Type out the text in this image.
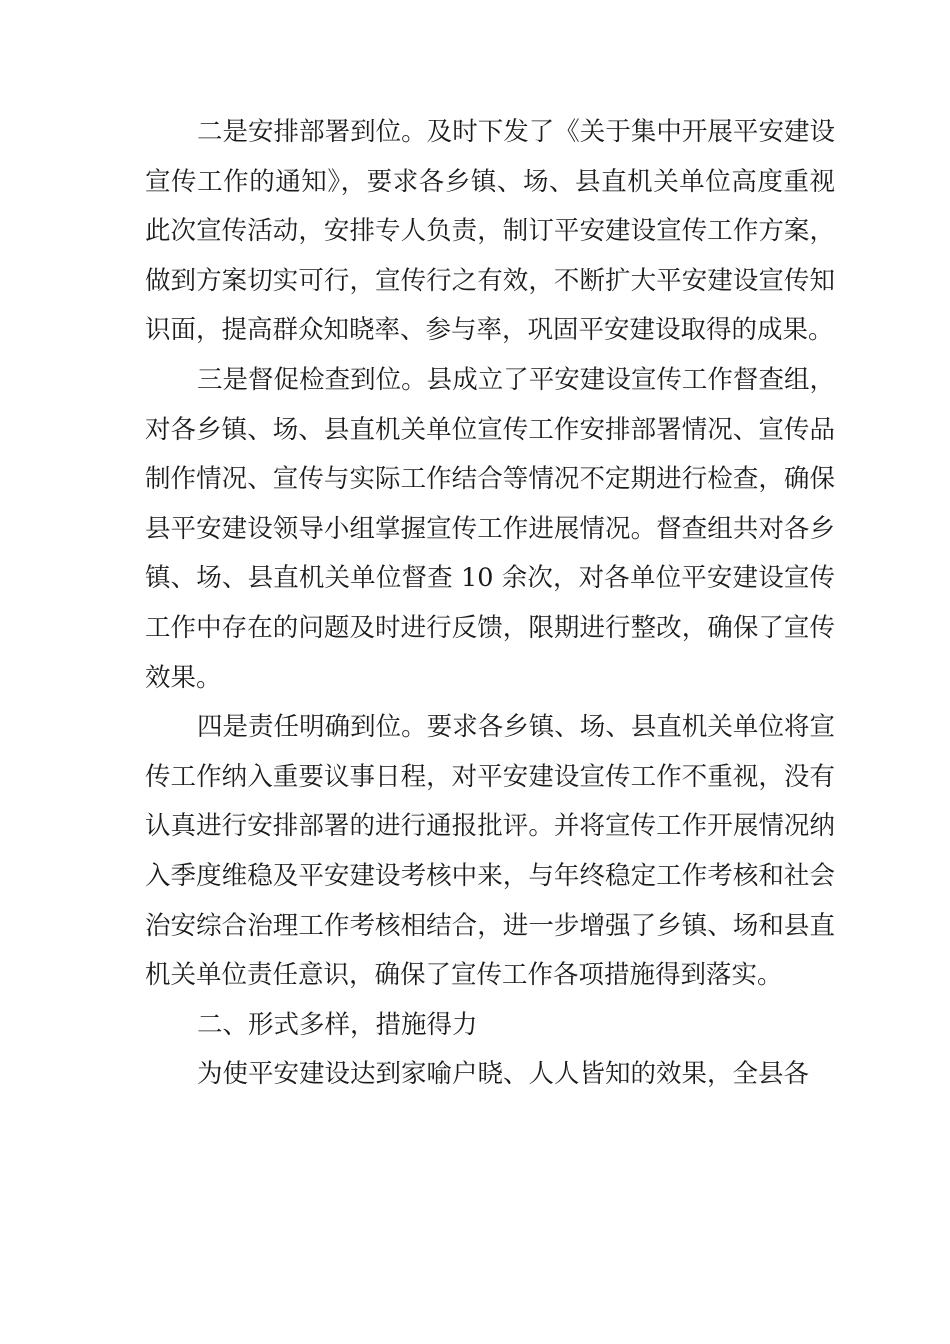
二是安排部署到位。及时下发了《关于集中开展平安建设宣传工作的通知》，要求各乡镇、场、县直机关单位高度重视此次宣传活动，安排专人负责，制订平安建设宣传工作方案，做到方案切实可行，宣传行之有效，不断扩大平安建设宣传知识面，提高群众知晓率、参与率，巩固平安建设取得的成果。

三是督促检查到位。县成立了平安建设宣传工作督查组，对各乡镇、场、县直机关单位宣传工作安排部署情况、宣传品制作情况、宣传与实际工作结合等情况不定期进行检查，确保县平安建设领导小组掌握宣传工作进展情况。督查组共对各乡镇、场、县直机关单位督查 10 余次，对各单位平安建设宣传工作中存在的问题及时进行反馈，限期进行整改，确保了宣传效果。

四是责任明确到位。要求各乡镇、场、县直机关单位将宣传工作纳入重要议事日程，对平安建设宣传工作不重视，没有认真进行安排部署的进行通报批评。并将宣传工作开展情况纳入季度维稳及平安建设考核中来，与年终稳定工作考核和社会治安综合治理工作考核相结合，进一步增强了乡镇、场和县直机关单位责任意识，确保了宣传工作各项措施得到落实。

二、形式多样，措施得力

为使平安建设达到家喻户晓、人人皆知的效果，全县各
